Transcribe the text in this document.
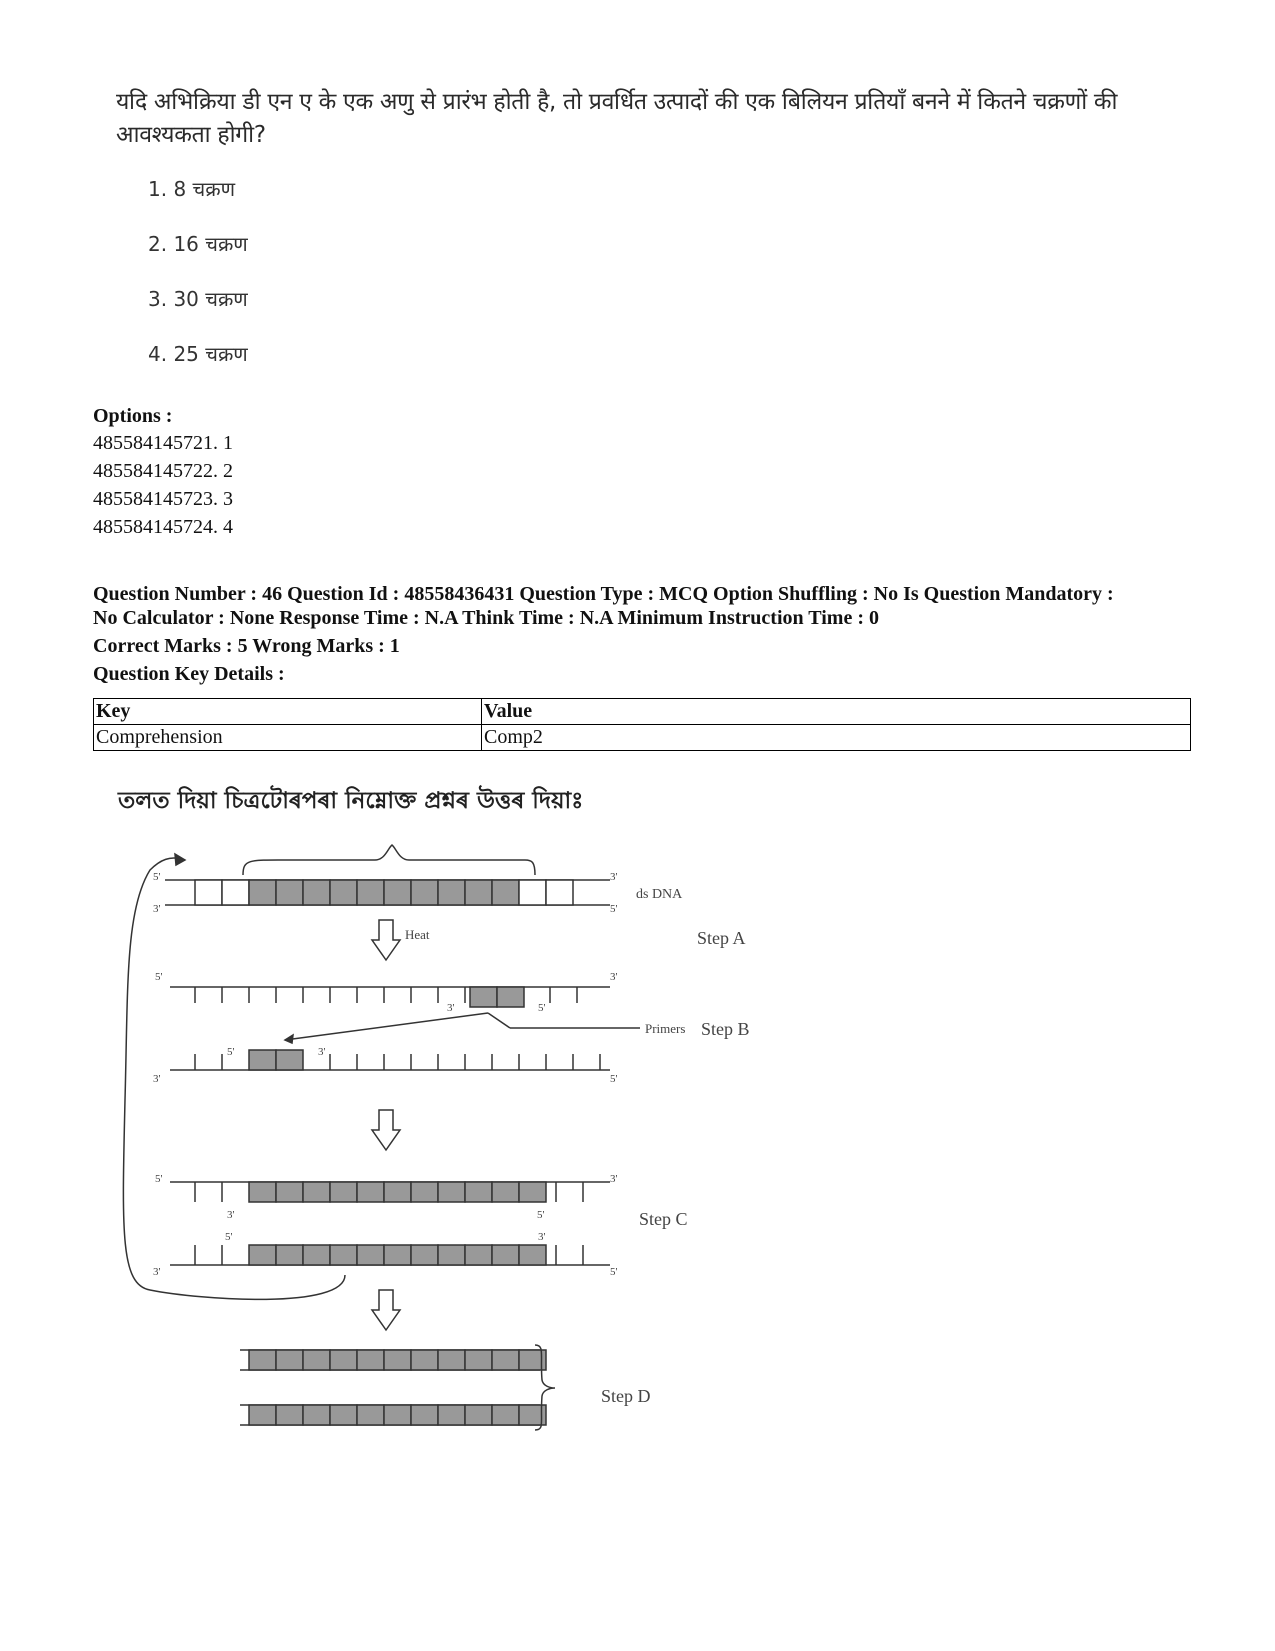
यदि अभिक्रिया डी एन ए के एक अणु से प्रारंभ होती है, तो प्रवर्धित उत्पादों की एक बिलियन प्रतियाँ बनने में कितने चक्रणों की आवश्यकता होगी?
1. 8 चक्रण
2. 16 चक्रण
3. 30 चक्रण
4. 25 चक्रण
Options :
485584145721. 1
485584145722. 2
485584145723. 3
485584145724. 4
Question Number : 46 Question Id : 48558436431 Question Type : MCQ Option Shuffling : No Is Question Mandatory :
No Calculator : None Response Time : N.A Think Time : N.A Minimum Instruction Time : 0
Correct Marks : 5 Wrong Marks : 1
Question Key Details :
Key	Value
Comprehension	Comp2
তলত দিয়া চিত্ৰটোৰপৰা নিম্নোক্ত প্ৰশ্নৰ উত্তৰ দিয়াঃ
5'
3'
3'
5'
ds DNA
Heat	Step A
5'	3'
3'	5'
Primers Step B
5'	3'
3'	5'
5'	3'
3'	5'	Step C
5'	3'
3'	5'
Step D
